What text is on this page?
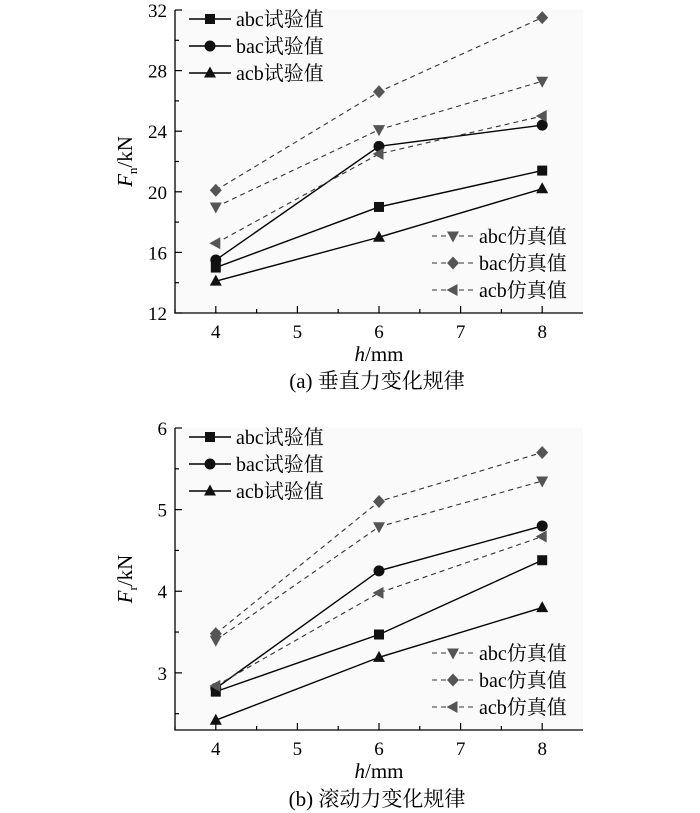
4	5	6	7	8
12
16
20
24
28
32
h/mm
$F_n/kN$
abc试验值
bac试验值
acb试验值
abc仿真值
bac仿真值
acb仿真值
(a) 垂直力变化规律
4	5	6	7	8
3
4
5
6
h/mm
$F_r/kN$
abc试验值
bac试验值
acb试验值
abc仿真值
bac仿真值
acb仿真值
(b) 滚动力变化规律
